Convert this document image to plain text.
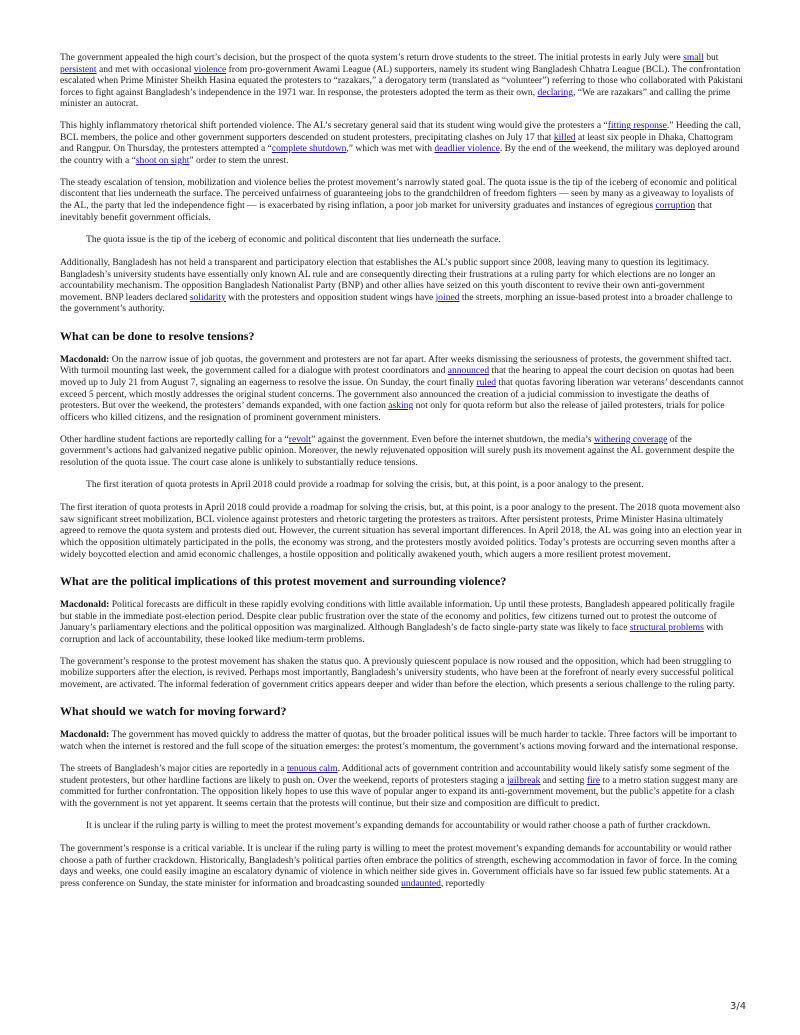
The government appealed the high court’s decision, but the prospect of the quota system’s return drove students to the street. The initial protests in early July were small but persistent and met with occasional violence from pro-government Awami League (AL) supporters, namely its student wing Bangladesh Chhatra League (BCL). The confrontation escalated when Prime Minister Sheikh Hasina equated the protesters to “razakars,” a derogatory term (translated as “volunteer”) referring to those who collaborated with Pakistani forces to fight against Bangladesh’s independence in the 1971 war. In response, the protesters adopted the term as their own, declaring, “We are razakars” and calling the prime minister an autocrat.

This highly inflammatory rhetorical shift portended violence. The AL’s secretary general said that its student wing would give the protesters a “fitting response.” Heeding the call, BCL members, the police and other government supporters descended on student protesters, precipitating clashes on July 17 that killed at least six people in Dhaka, Chattogram and Rangpur. On Thursday, the protesters attempted a “complete shutdown,” which was met with deadlier violence. By the end of the weekend, the military was deployed around the country with a “shoot on sight” order to stem the unrest.

The steady escalation of tension, mobilization and violence belies the protest movement’s narrowly stated goal. The quota issue is the tip of the iceberg of economic and political discontent that lies underneath the surface. The perceived unfairness of guaranteeing jobs to the grandchildren of freedom fighters — seen by many as a giveaway to loyalists of the AL, the party that led the independence fight — is exacerbated by rising inflation, a poor job market for university graduates and instances of egregious corruption that inevitably benefit government officials.

The quota issue is the tip of the iceberg of economic and political discontent that lies underneath the surface.

Additionally, Bangladesh has not held a transparent and participatory election that establishes the AL’s public support since 2008, leaving many to question its legitimacy. Bangladesh’s university students have essentially only known AL rule and are consequently directing their frustrations at a ruling party for which elections are no longer an accountability mechanism. The opposition Bangladesh Nationalist Party (BNP) and other allies have seized on this youth discontent to revive their own anti-government movement. BNP leaders declared solidarity with the protesters and opposition student wings have joined the streets, morphing an issue-based protest into a broader challenge to the government’s authority.

What can be done to resolve tensions?

Macdonald: On the narrow issue of job quotas, the government and protesters are not far apart. After weeks dismissing the seriousness of protests, the government shifted tact. With turmoil mounting last week, the government called for a dialogue with protest coordinators and announced that the hearing to appeal the court decision on quotas had been moved up to July 21 from August 7, signaling an eagerness to resolve the issue. On Sunday, the court finally ruled that quotas favoring liberation war veterans’ descendants cannot exceed 5 percent, which mostly addresses the original student concerns. The government also announced the creation of a judicial commission to investigate the deaths of protesters. But over the weekend, the protesters’ demands expanded, with one faction asking not only for quota reform but also the release of jailed protesters, trials for police officers who killed citizens, and the resignation of prominent government ministers.

Other hardline student factions are reportedly calling for a “revolt” against the government. Even before the internet shutdown, the media’s withering coverage of the government’s actions had galvanized negative public opinion. Moreover, the newly rejuvenated opposition will surely push its movement against the AL government despite the resolution of the quota issue. The court case alone is unlikely to substantially reduce tensions.

The first iteration of quota protests in April 2018 could provide a roadmap for solving the crisis, but, at this point, is a poor analogy to the present.

The first iteration of quota protests in April 2018 could provide a roadmap for solving the crisis, but, at this point, is a poor analogy to the present. The 2018 quota movement also saw significant street mobilization, BCL violence against protesters and rhetoric targeting the protesters as traitors. After persistent protests, Prime Minister Hasina ultimately agreed to remove the quota system and protests died out. However, the current situation has several important differences. In April 2018, the AL was going into an election year in which the opposition ultimately participated in the polls, the economy was strong, and the protesters mostly avoided politics. Today’s protests are occurring seven months after a widely boycotted election and amid economic challenges, a hostile opposition and politically awakened youth, which augers a more resilient protest movement.

What are the political implications of this protest movement and surrounding violence?

Macdonald: Political forecasts are difficult in these rapidly evolving conditions with little available information. Up until these protests, Bangladesh appeared politically fragile but stable in the immediate post-election period. Despite clear public frustration over the state of the economy and politics, few citizens turned out to protest the outcome of January’s parliamentary elections and the political opposition was marginalized. Although Bangladesh’s de facto single-party state was likely to face structural problems with corruption and lack of accountability, these looked like medium-term problems.

The government’s response to the protest movement has shaken the status quo. A previously quiescent populace is now roused and the opposition, which had been struggling to mobilize supporters after the election, is revived. Perhaps most importantly, Bangladesh’s university students, who have been at the forefront of nearly every successful political movement, are activated. The informal federation of government critics appears deeper and wider than before the election, which presents a serious challenge to the ruling party.

What should we watch for moving forward?

Macdonald: The government has moved quickly to address the matter of quotas, but the broader political issues will be much harder to tackle. Three factors will be important to watch when the internet is restored and the full scope of the situation emerges: the protest’s momentum, the government’s actions moving forward and the international response.

The streets of Bangladesh’s major cities are reportedly in a tenuous calm. Additional acts of government contrition and accountability would likely satisfy some segment of the student protesters, but other hardline factions are likely to push on. Over the weekend, reports of protesters staging a jailbreak and setting fire to a metro station suggest many are committed for further confrontation. The opposition likely hopes to use this wave of popular anger to expand its anti-government movement, but the public’s appetite for a clash with the government is not yet apparent. It seems certain that the protests will continue, but their size and composition are difficult to predict.

It is unclear if the ruling party is willing to meet the protest movement’s expanding demands for accountability or would rather choose a path of further crackdown.

The government’s response is a critical variable. It is unclear if the ruling party is willing to meet the protest movement’s expanding demands for accountability or would rather choose a path of further crackdown. Historically, Bangladesh’s political parties often embrace the politics of strength, eschewing accommodation in favor of force. In the coming days and weeks, one could easily imagine an escalatory dynamic of violence in which neither side gives in. Government officials have so far issued few public statements. At a press conference on Sunday, the state minister for information and broadcasting sounded undaunted, reportedly

3/4
